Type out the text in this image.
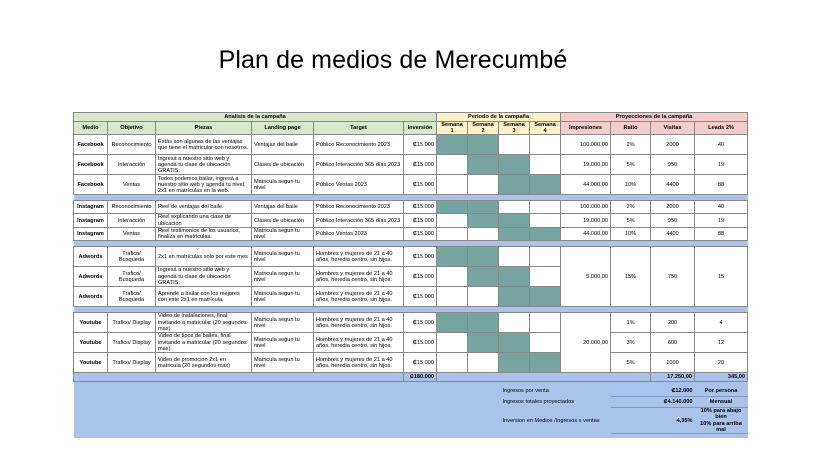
Plan de medios de Merecumbé
Analisis de la campaña						Periodo de la campaña				Proyecciones de la campaña			
Medio	Objetivo	Piezas	Landing page	Target	Inversión	Semana 1	Semana 2	Semana 3	Semana 4	Impresiones	Ratio	Visitas	Leads 2%
Facebook	Reconocimiento	Estás son algunas de las ventajas que tiene el matricular con nosotros.	Ventajas del baile	Público Reconocimiento 2023	₡15.000					100.000,00	2%	2000	40
Facebook	Interacción	Ingresá a nuestro sitio web y agendá tu clase de ubicación GRATIS.	Clases de ubicación	Público Interacción 365 días 2023	₡15.000					19.000,00	5%	950	19
Facebook	Ventas	Todos podemos bailar, ingresá a nuestro sitio web y agendá tu nivel. 2x1 en matrículas en la web.	Matricula segun tu nivel	Público Ventas 2023	₡15.000					44.000,00	10%	4400	88

Instagram	Reconocimiento	Reel de ventajas del baile.	Ventajas del baile	Público Reconocimiento 2023	₡15.000					100.000,00	2%	2000	40
Instagram	Interacción	Reel explicando una clase de ubicación	Clases de ubicación	Público Interacción 365 días 2023	₡15.000					19.000,00	5%	950	19
Instagram	Ventas	Reel testimonios de los usuarios, finaliza en matriculas.	Matricula segun tu nivel	Público Ventas 2023	₡15.000					44.000,00	10%	4400	88

Adwords	Trafico/ Busqueda	2x1 en matrículas solo por este mes	Matricula segun tu nivel	Hombres y mujeres de 21 a 40 años, heredia centro, sin hijos.	₡15.000					5.000,00	15%	750	15
Adwords	Trafico/ Busqueda	Ingresá a nuestro sitio web y agendá tu clase de ubicación GRATIS.	Matricula segun tu nivel	Hombres y mujeres de 21 a 40 años, heredia centro, sin hijos.	₡15.000								
Adwords	Trafico/ Busqueda	Aprendé a bailar con los mejores con este 2x1 en matrícula.	Matricula segun tu nivel	Hombres y mujeres de 21 a 40 años, heredia centro, sin hijos.	₡15.000								

Youtube	Trafico/ Display	Video de instalaciones, final invitando a matricular (20 segundos max)	Matricula segun tu nivel	Hombres y mujeres de 21 a 40 años, heredia centro, sin hijos.	₡15.000					20.000,00	1%	200	4
Youtube	Trafico/ Display	Video de tipos de bailes, final invitando a matricular (20 segundos max)	Matricula segun tu nivel	Hombres y mujeres de 21 a 40 años, heredia centro, sin hijos.	₡15.000						3%	600	12
Youtube	Trafico/ Display	Video de promocion 2x1 en matricula (20 segundos max)	Matricula segun tu nivel	Hombres y mujeres de 21 a 40 años, heredia centro, sin hijos.	₡15.000						5%	1000	20
					₡180.000							17.250,00	345,00

								Ingresos por venta			₡12.000		Por persona
								Ingresos totales proyectados			₡4.140.000		Mensual
								Inversion en Medios /Ingresos x ventas			4,35%		10% para abajo bien
10% para arriba mal
